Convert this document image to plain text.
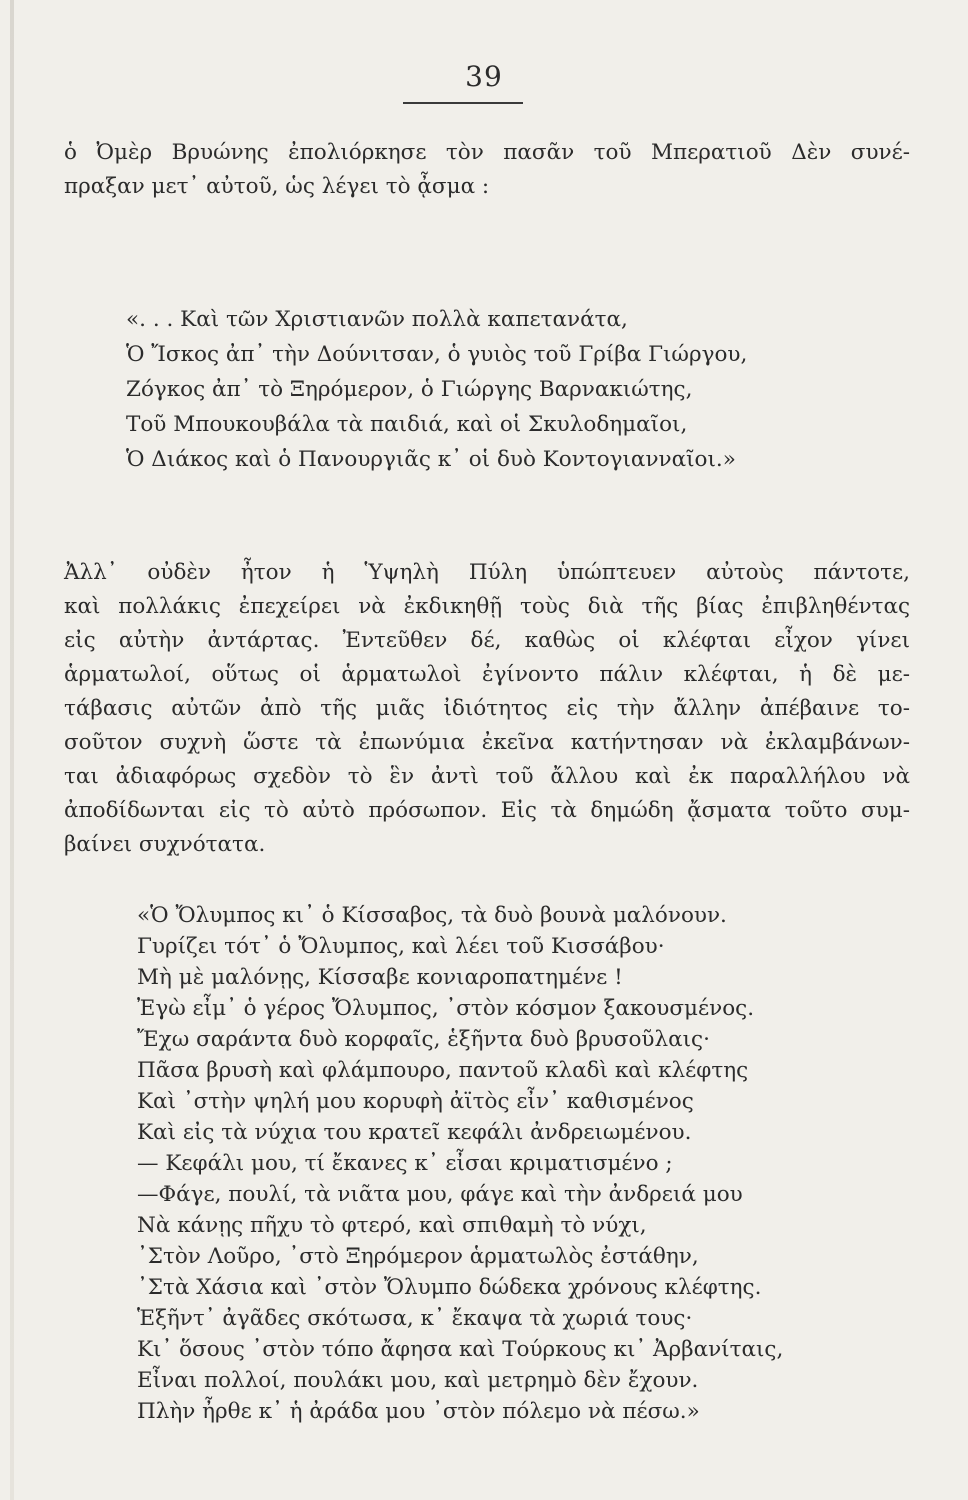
39
ὁ Ὀμὲρ Βρυώνης ἐπολιόρκησε τὸν πασᾶν τοῦ Μπερατιοῦ Δὲν συνέ-
πραξαν μετ᾽ αὐτοῦ, ὡς λέγει τὸ ᾆσμα :
«. . . Καὶ τῶν Χριστιανῶν πολλὰ καπετανάτα,
Ὁ Ἴσκος ἀπ᾽ τὴν Δούνιτσαν, ὁ γυιὸς τοῦ Γρίβα Γιώργου,
Ζόγκος ἀπ᾽ τὸ Ξηρόμερον, ὁ Γιώργης Βαρνακιώτης,
Τοῦ Μπουκουβάλα τὰ παιδιά, καὶ οἱ Σκυλοδημαῖοι,
Ὁ Διάκος καὶ ὁ Πανουργιᾶς κ᾽ οἱ δυὸ Κοντογιανναῖοι.»
Ἀλλ᾽ οὐδὲν ἦτον ἡ Ὑψηλὴ Πύλη ὑπώπτευεν αὐτοὺς πάντοτε,
καὶ πολλάκις ἐπεχείρει νὰ ἐκδικηθῇ τοὺς διὰ τῆς βίας ἐπιβληθέντας
εἰς αὐτὴν ἀντάρτας. Ἐντεῦθεν δέ, καθὼς οἱ κλέφται εἶχον γίνει
ἁρματωλοί, οὕτως οἱ ἁρματωλοὶ ἐγίνοντο πάλιν κλέφται, ἡ δὲ με-
τάβασις αὐτῶν ἀπὸ τῆς μιᾶς ἰδιότητος εἰς τὴν ἄλλην ἀπέβαινε το-
σοῦτον συχνὴ ὥστε τὰ ἐπωνύμια ἐκεῖνα κατήντησαν νὰ ἐκλαμβάνων-
ται ἀδιαφόρως σχεδὸν τὸ ἓν ἀντὶ τοῦ ἄλλου καὶ ἐκ παραλλήλου νὰ
ἀποδίδωνται εἰς τὸ αὐτὸ πρόσωπον. Εἰς τὰ δημώδη ᾄσματα τοῦτο συμ-
βαίνει συχνότατα.
«Ὁ Ὄλυμπος κι᾽ ὁ Κίσσαβος, τὰ δυὸ βουνὰ μαλόνουν.
Γυρίζει τότ᾽ ὁ Ὄλυμπος, καὶ λέει τοῦ Κισσάβου·
Μὴ μὲ μαλόνῃς, Κίσσαβε κονιαροπατημένε !
Ἐγὼ εἶμ᾽ ὁ γέρος Ὄλυμπος, ᾽στὸν κόσμον ξακουσμένος.
Ἔχω σαράντα δυὸ κορφαῖς, ἑξῆντα δυὸ βρυσοῦλαις·
Πᾶσα βρυσὴ καὶ φλάμπουρο, παντοῦ κλαδὶ καὶ κλέφτης
Καὶ ᾽στὴν ψηλή μου κορυφὴ ἀϊτὸς εἶν᾽ καθισμένος
Καὶ εἰς τὰ νύχια του κρατεῖ κεφάλι ἀνδρειωμένου.
— Κεφάλι μου, τί ἔκανες κ᾽ εἶσαι κριματισμένο ;
—Φάγε, πουλί, τὰ νιᾶτα μου, φάγε καὶ τὴν ἀνδρειά μου
Νὰ κάνῃς πῆχυ τὸ φτερό, καὶ σπιθαμὴ τὸ νύχι,
᾽Στὸν Λοῦρο, ᾽στὸ Ξηρόμερον ἁρματωλὸς ἐστάθην,
᾽Στὰ Χάσια καὶ ᾽στὸν Ὄλυμπο δώδεκα χρόνους κλέφτης.
Ἑξῆντ᾽ ἀγᾶδες σκότωσα, κ᾽ ἔκαψα τὰ χωριά τους·
Κι᾽ ὅσους ᾽στὸν τόπο ἄφησα καὶ Τούρκους κι᾽ Ἀρβανίταις,
Εἶναι πολλοί, πουλάκι μου, καὶ μετρημὸ δὲν ἔχουν.
Πλὴν ἦρθε κ᾽ ἡ ἀράδα μου ᾽στὸν πόλεμο νὰ πέσω.»
